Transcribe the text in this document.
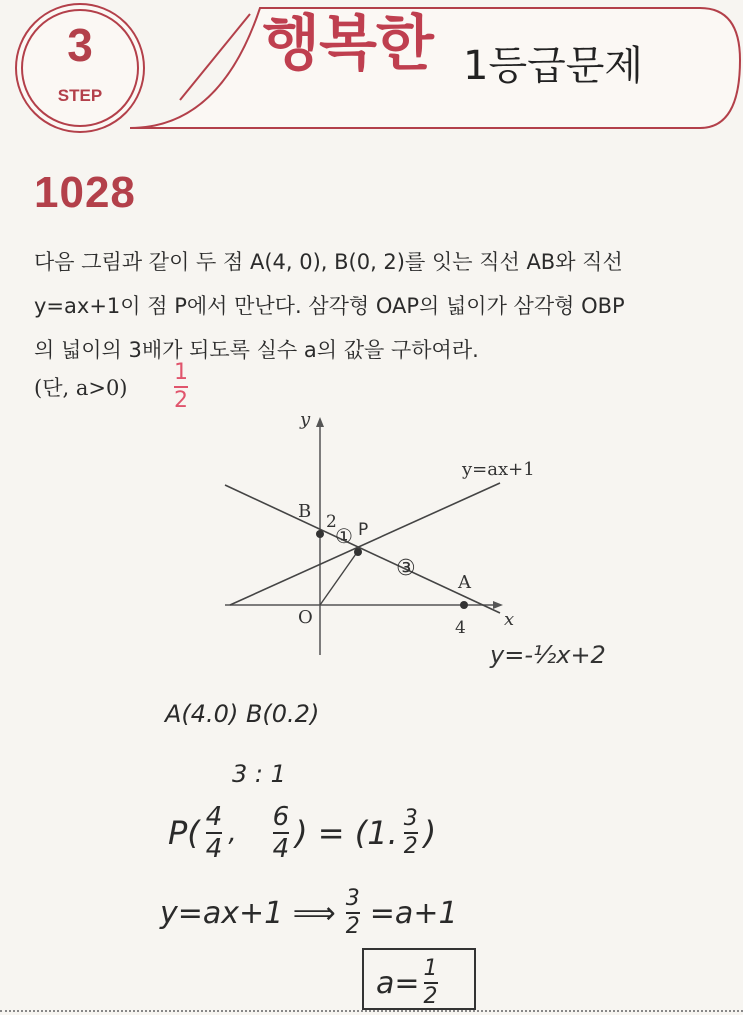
3
STEP
행복한 1등급문제
1028
다음 그림과 같이 두 점 A(4, 0), B(0, 2)를 잇는 직선 AB와 직선
y=ax+1이 점 P에서 만난다. 삼각형 OAP의 넓이가 삼각형 OBP
의 넓이의 3배가 되도록 실수 a의 값을 구하여라.
(단, $a>0) \frac{1}{2}$
y
x
y=ax+1
B 2 P
O
A
4
①
③
y=-½x+2
A(4.0) B(0.2)
3 : 1
$P( \frac{4}{4}$ , $\frac{6}{4}$ ) = (1. $\frac{3}{2}$ )
y=ax+1 ⟹ $\frac{3}{2} =a+1$
$a= \frac{1}{2}$
